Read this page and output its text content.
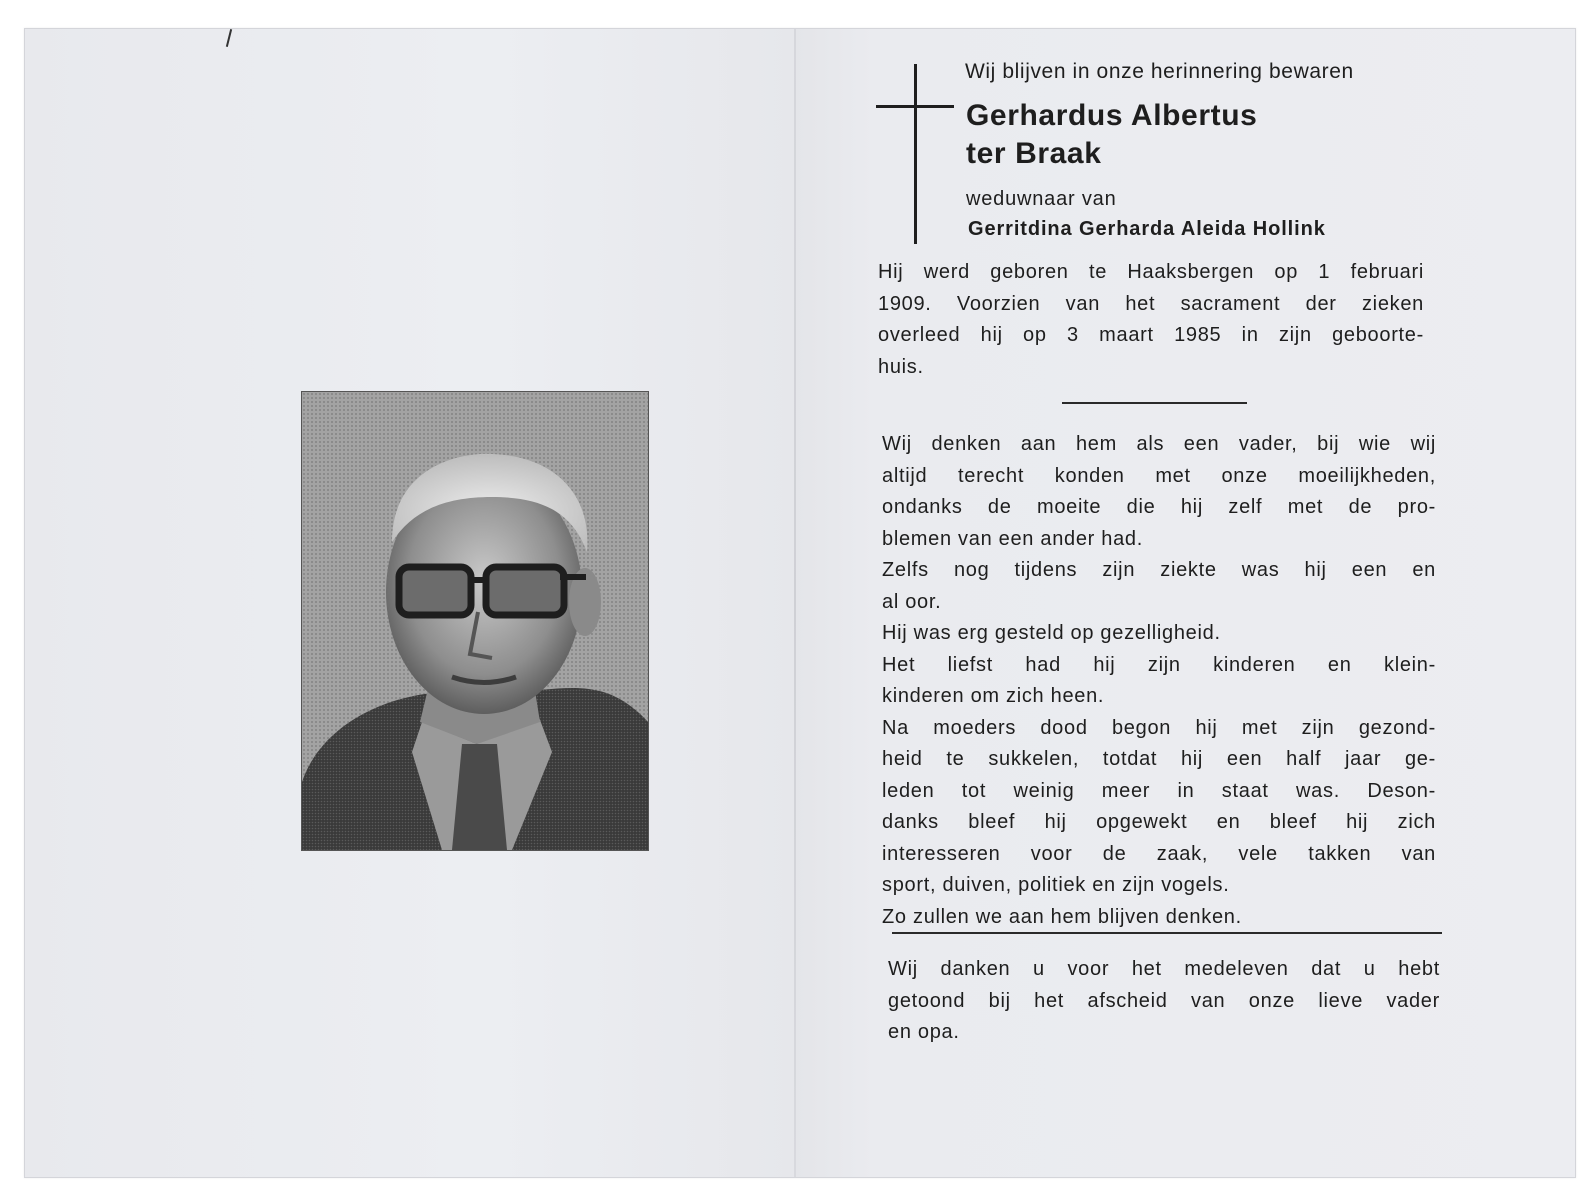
Wij blijven in onze herinnering bewaren
Gerhardus Albertus
ter Braak
weduwnaar van
Gerritdina Gerharda Aleida Hollink
Hij werd geboren te Haaksbergen op 1 februari
1909. Voorzien van het sacrament der zieken
overleed hij op 3 maart 1985 in zijn geboorte-
huis.
Wij denken aan hem als een vader, bij wie wij
altijd terecht konden met onze moeilijkheden,
ondanks de moeite die hij zelf met de pro-
blemen van een ander had.
Zelfs nog tijdens zijn ziekte was hij een en
al oor.
Hij was erg gesteld op gezelligheid.
Het liefst had hij zijn kinderen en klein-
kinderen om zich heen.
Na moeders dood begon hij met zijn gezond-
heid te sukkelen, totdat hij een half jaar ge-
leden tot weinig meer in staat was. Deson-
danks bleef hij opgewekt en bleef hij zich
interesseren voor de zaak, vele takken van
sport, duiven, politiek en zijn vogels.
Zo zullen we aan hem blijven denken.
Wij danken u voor het medeleven dat u hebt
getoond bij het afscheid van onze lieve vader
en opa.
